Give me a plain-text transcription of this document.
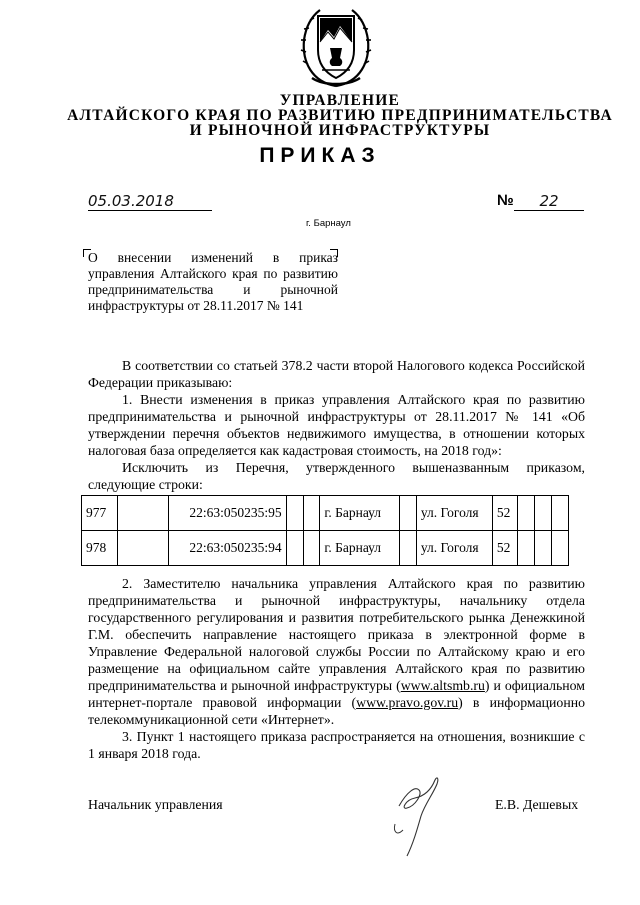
УПРАВЛЕНИЕ
АЛТАЙСКОГО КРАЯ ПО РАЗВИТИЮ ПРЕДПРИНИМАТЕЛЬСТВА
И РЫНОЧНОЙ ИНФРАСТРУКТУРЫ
ПРИКАЗ
05.03.2018	№	22
г. Барнаул
О внесении изменений в приказ управления Алтайского края по развитию предпринимательства и рыночной инфраструктуры от 28.11.2017 № 141

В соответствии со статьей 378.2 части второй Налогового кодекса Российской Федерации приказываю:

1. Внести изменения в приказ управления Алтайского края по развитию предпринимательства и рыночной инфраструктуры от 28.11.2017 № 141 «Об утверждении перечня объектов недвижимого имущества, в отношении которых налоговая база определяется как кадастровая стоимость, на 2018 год»:

Исключить из Перечня, утвержденного вышеназванным приказом, следующие строки:

977		22:63:050235:95			г. Барнаул		ул. Гоголя	52			
978		22:63:050235:94			г. Барнаул		ул. Гоголя	52			

2. Заместителю начальника управления Алтайского края по развитию предпринимательства и рыночной инфраструктуры, начальнику отдела государственного регулирования и развития потребительского рынка Денежкиной Г.М. обеспечить направление настоящего приказа в электронной форме в Управление Федеральной налоговой службы России по Алтайскому краю и его размещение на официальном сайте управления Алтайского края по развитию предпринимательства и рыночной инфраструктуры (www.altsmb.ru) и официальном интернет-портале правовой информации (www.pravo.gov.ru) в информационно телекоммуникационной сети «Интернет».

3. Пункт 1 настоящего приказа распространяется на отношения, возникшие с 1 января 2018 года.

Начальник управления	Е.В. Дешевых
